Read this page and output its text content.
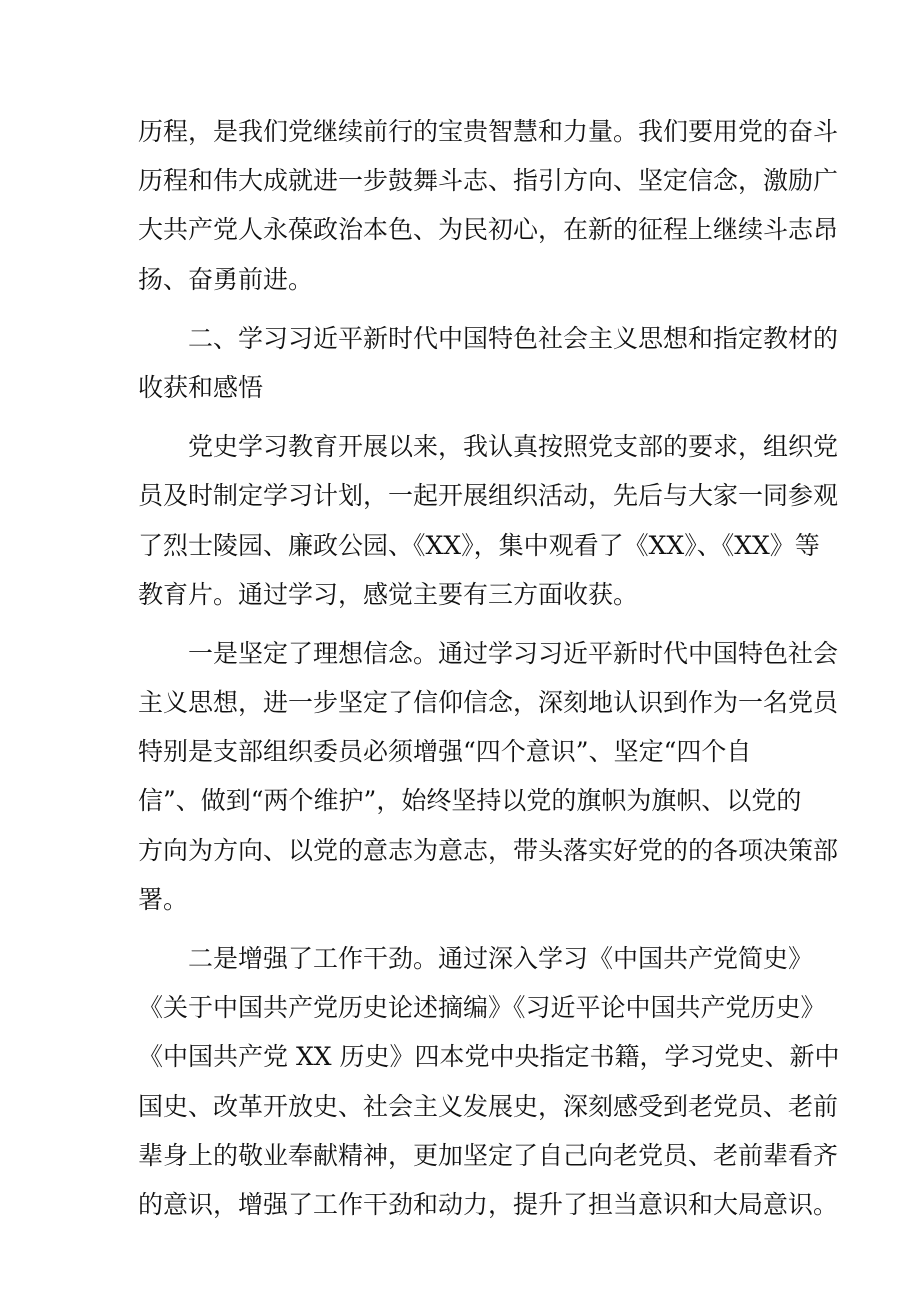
历程，是我们党继续前行的宝贵智慧和力量。我们要用党的奋斗
历程和伟大成就进一步鼓舞斗志、指引方向、坚定信念，激励广
大共产党人永葆政治本色、为民初心，在新的征程上继续斗志昂
扬、奋勇前进。
二、学习习近平新时代中国特色社会主义思想和指定教材的
收获和感悟
党史学习教育开展以来，我认真按照党支部的要求，组织党
员及时制定学习计划，一起开展组织活动，先后与大家一同参观
了烈士陵园、廉政公园、《XX》，集中观看了《XX》、《XX》等
教育片。通过学习，感觉主要有三方面收获。
一是坚定了理想信念。通过学习习近平新时代中国特色社会
主义思想，进一步坚定了信仰信念，深刻地认识到作为一名党员
特别是支部组织委员必须增强“四个意识”、坚定“四个自
信”、做到“两个维护”，始终坚持以党的旗帜为旗帜、以党的
方向为方向、以党的意志为意志，带头落实好党的的各项决策部
署。
二是增强了工作干劲。通过深入学习《中国共产党简史》
《关于中国共产党历史论述摘编》《习近平论中国共产党历史》
《中国共产党 XX 历史》四本党中央指定书籍，学习党史、新中
国史、改革开放史、社会主义发展史，深刻感受到老党员、老前
辈身上的敬业奉献精神，更加坚定了自己向老党员、老前辈看齐
的意识，增强了工作干劲和动力，提升了担当意识和大局意识。
